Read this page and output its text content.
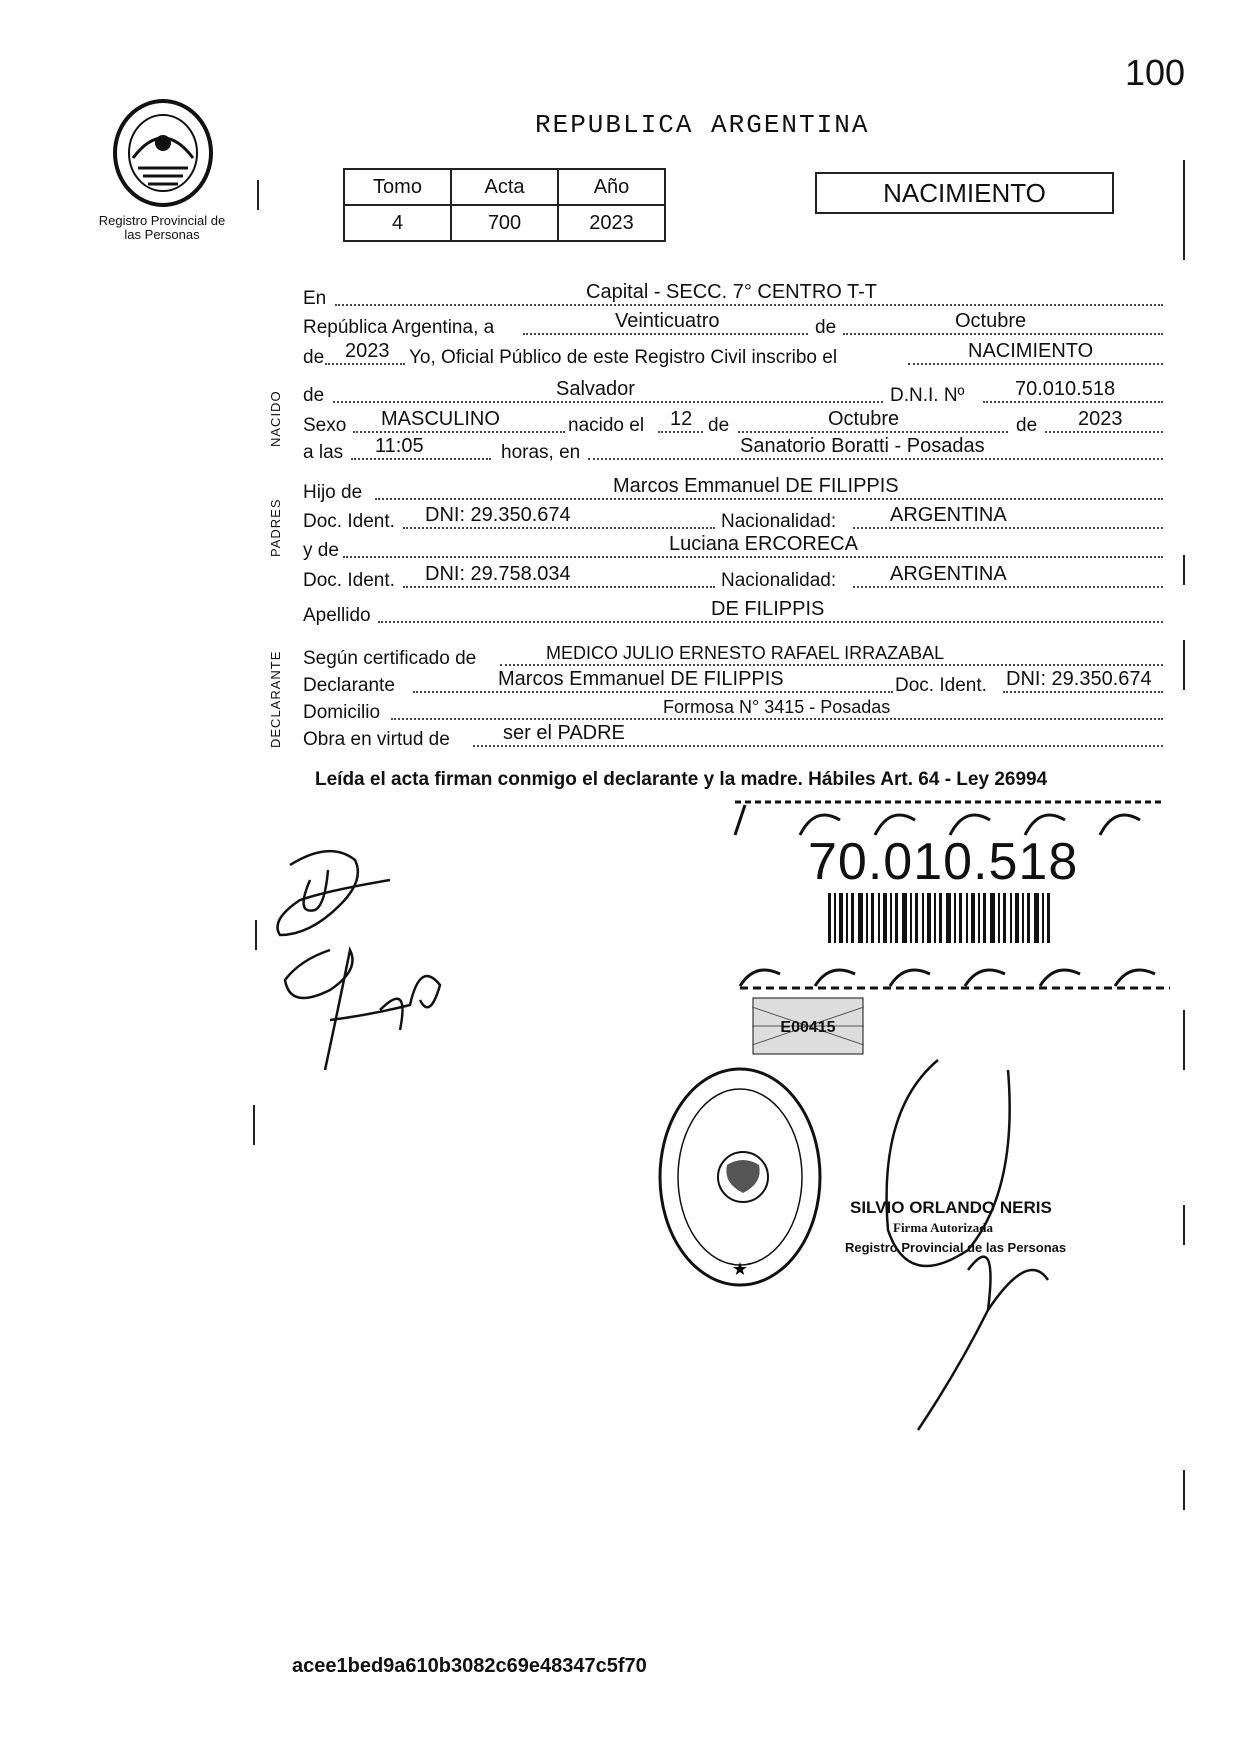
100
Registro Provincial de las Personas
REPUBLICA ARGENTINA
Tomo	Acta	Año
4	700	2023
NACIMIENTO
NACIDO
PADRES
DECLARANTE
En	Capital - SECC. 7° CENTRO T-T
República Argentina, a	Veinticuatro	de	Octubre
de 2023 Yo, Oficial Público de este Registro Civil inscribo el	NACIMIENTO
de	Salvador	D.N.I. Nº	70.010.518
Sexo MASCULINO	nacido el 12 de	Octubre	de 2023
a las 11:05	horas, en	Sanatorio Boratti - Posadas
Hijo de	Marcos Emmanuel DE FILIPPIS
Doc. Ident. DNI: 29.350.674	Nacionalidad:	ARGENTINA
y de	Luciana ERCORECA
Doc. Ident. DNI: 29.758.034	Nacionalidad:	ARGENTINA
Apellido	DE FILIPPIS
Según certificado de	MEDICO JULIO ERNESTO RAFAEL IRRAZABAL
Declarante	Marcos Emmanuel DE FILIPPIS	Doc. Ident. DNI: 29.350.674
Domicilio	Formosa N° 3415 - Posadas
Obra en virtud de	ser el PADRE
Leída el acta firman conmigo el declarante y la madre. Hábiles Art. 64 - Ley 26994
70.010.518
E00415
★
SILVIO ORLANDO NERIS
Firma Autorizada
Registro Provincial de las Personas
acee1bed9a610b3082c69e48347c5f70
